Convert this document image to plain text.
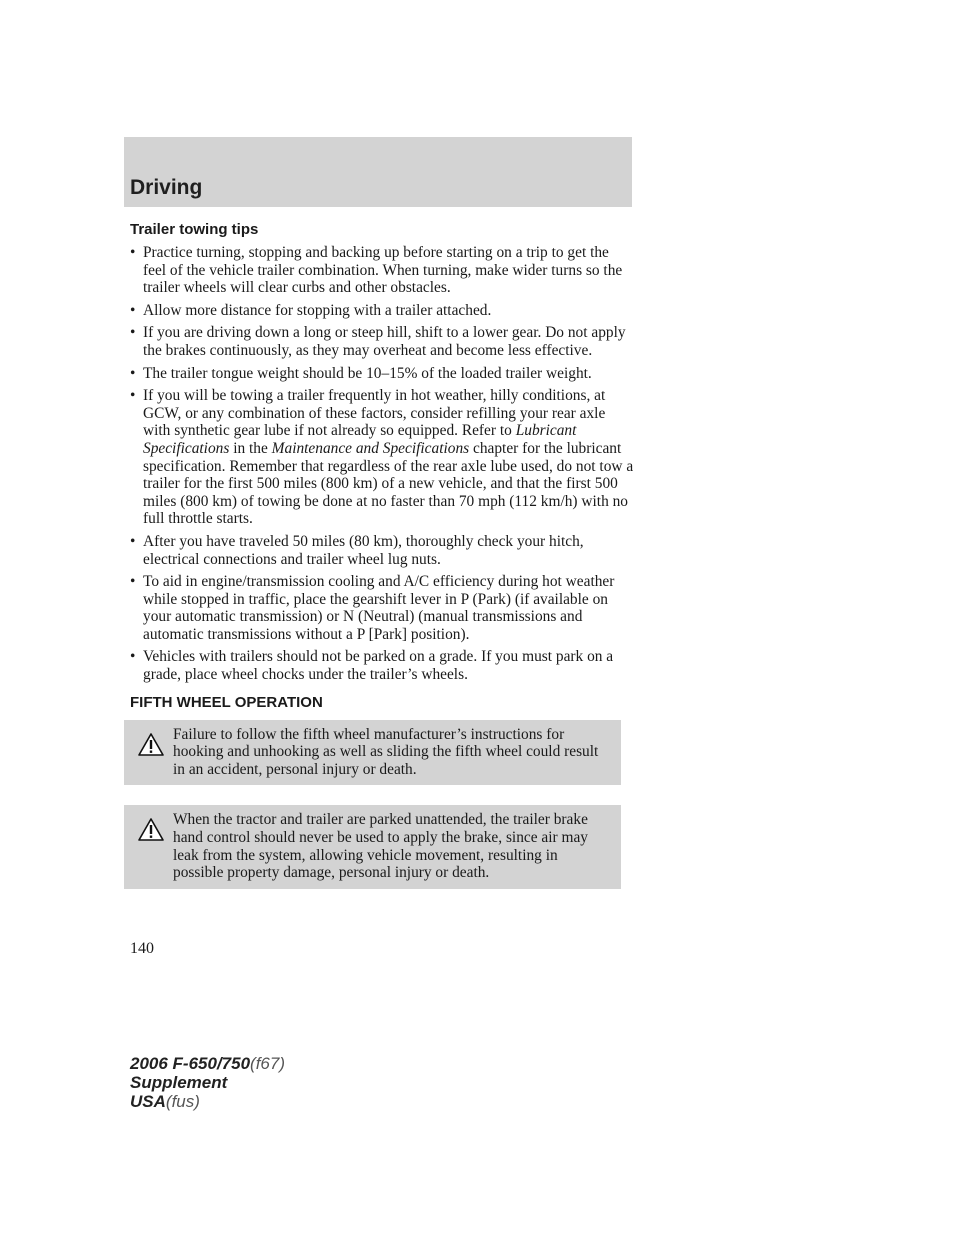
Driving
Trailer towing tips
• Practice turning, stopping and backing up before starting on a trip to get the feel of the vehicle trailer combination. When turning, make wider turns so the trailer wheels will clear curbs and other obstacles.
• Allow more distance for stopping with a trailer attached.
• If you are driving down a long or steep hill, shift to a lower gear. Do not apply the brakes continuously, as they may overheat and become less effective.
• The trailer tongue weight should be 10–15% of the loaded trailer weight.
• If you will be towing a trailer frequently in hot weather, hilly conditions, at GCW, or any combination of these factors, consider refilling your rear axle with synthetic gear lube if not already so equipped. Refer to Lubricant Specifications in the Maintenance and Specifications chapter for the lubricant specification. Remember that regardless of the rear axle lube used, do not tow a trailer for the first 500 miles (800 km) of a new vehicle, and that the first 500 miles (800 km) of towing be done at no faster than 70 mph (112 km/h) with no full throttle starts.
• After you have traveled 50 miles (80 km), thoroughly check your hitch, electrical connections and trailer wheel lug nuts.
• To aid in engine/transmission cooling and A/C efficiency during hot weather while stopped in traffic, place the gearshift lever in P (Park) (if available on your automatic transmission) or N (Neutral) (manual transmissions and automatic transmissions without a P [Park] position).
• Vehicles with trailers should not be parked on a grade. If you must park on a grade, place wheel chocks under the trailer’s wheels.
FIFTH WHEEL OPERATION
Failure to follow the fifth wheel manufacturer’s instructions for hooking and unhooking as well as sliding the fifth wheel could result in an accident, personal injury or death.
When the tractor and trailer are parked unattended, the trailer brake hand control should never be used to apply the brake, since air may leak from the system, allowing vehicle movement, resulting in possible property damage, personal injury or death.
140
2006 F-650/750(f67)
Supplement
USA(fus)
